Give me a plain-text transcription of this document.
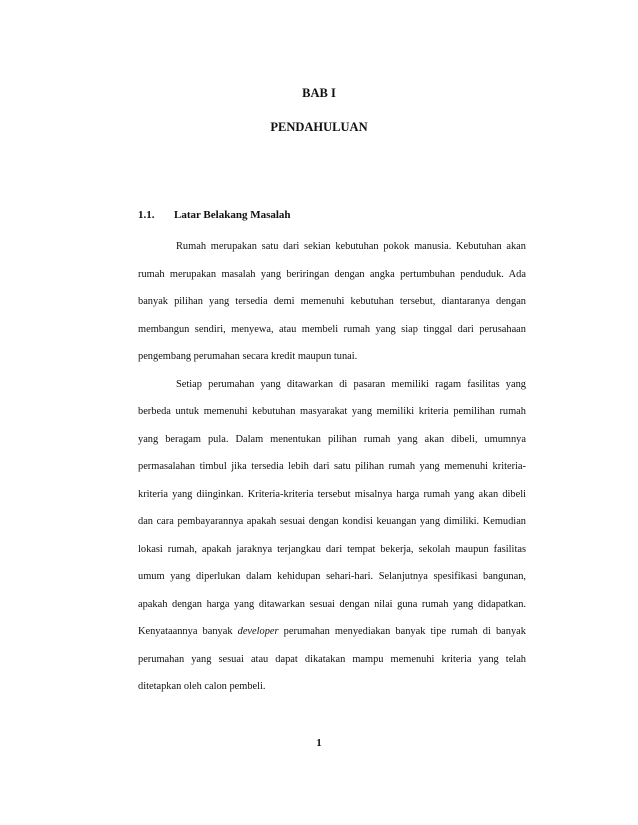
BAB I
PENDAHULUAN
1.1. Latar Belakang Masalah

Rumah merupakan satu dari sekian kebutuhan pokok manusia. Kebutuhan akan rumah merupakan masalah yang beriringan dengan angka pertumbuhan penduduk. Ada banyak pilihan yang tersedia demi memenuhi kebutuhan tersebut, diantaranya dengan membangun sendiri, menyewa, atau membeli rumah yang siap tinggal dari perusahaan pengembang perumahan secara kredit maupun tunai.

Setiap perumahan yang ditawarkan di pasaran memiliki ragam fasilitas yang berbeda untuk memenuhi kebutuhan masyarakat yang memiliki kriteria pemilihan rumah yang beragam pula. Dalam menentukan pilihan rumah yang akan dibeli, umumnya permasalahan timbul jika tersedia lebih dari satu pilihan rumah yang memenuhi kriteria-kriteria yang diinginkan. Kriteria-kriteria tersebut misalnya harga rumah yang akan dibeli dan cara pembayarannya apakah sesuai dengan kondisi keuangan yang dimiliki. Kemudian lokasi rumah, apakah jaraknya terjangkau dari tempat bekerja, sekolah maupun fasilitas umum yang diperlukan dalam kehidupan sehari-hari. Selanjutnya spesifikasi bangunan, apakah dengan harga yang ditawarkan sesuai dengan nilai guna rumah yang didapatkan. Kenyataannya banyak developer perumahan menyediakan banyak tipe rumah di banyak perumahan yang sesuai atau dapat dikatakan mampu memenuhi kriteria yang telah ditetapkan oleh calon pembeli.

1
